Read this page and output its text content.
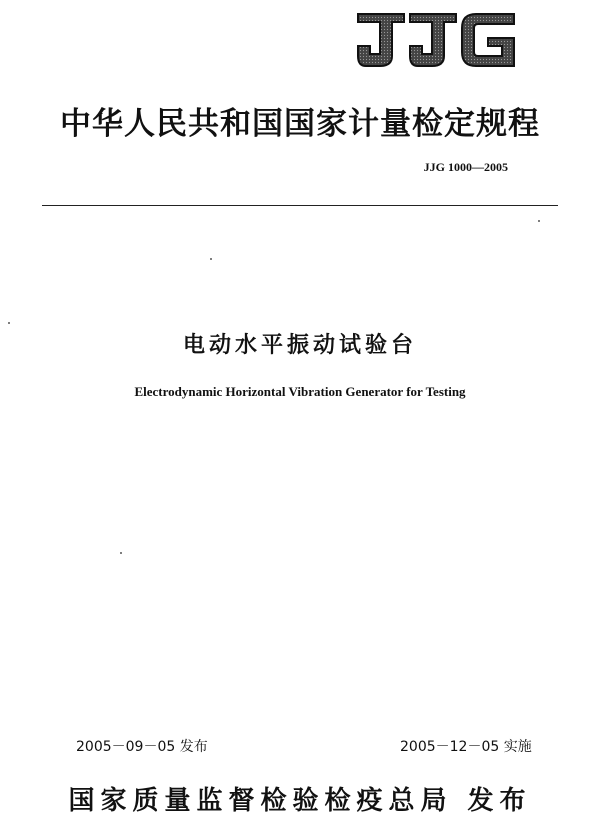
中华人民共和国国家计量检定规程
JJG 1000—2005
电动水平振动试验台
Electrodynamic Horizontal Vibration Generator for Testing
2005－09－05 发布	2005－12－05 实施
国家质量监督检验检疫总局 发布
